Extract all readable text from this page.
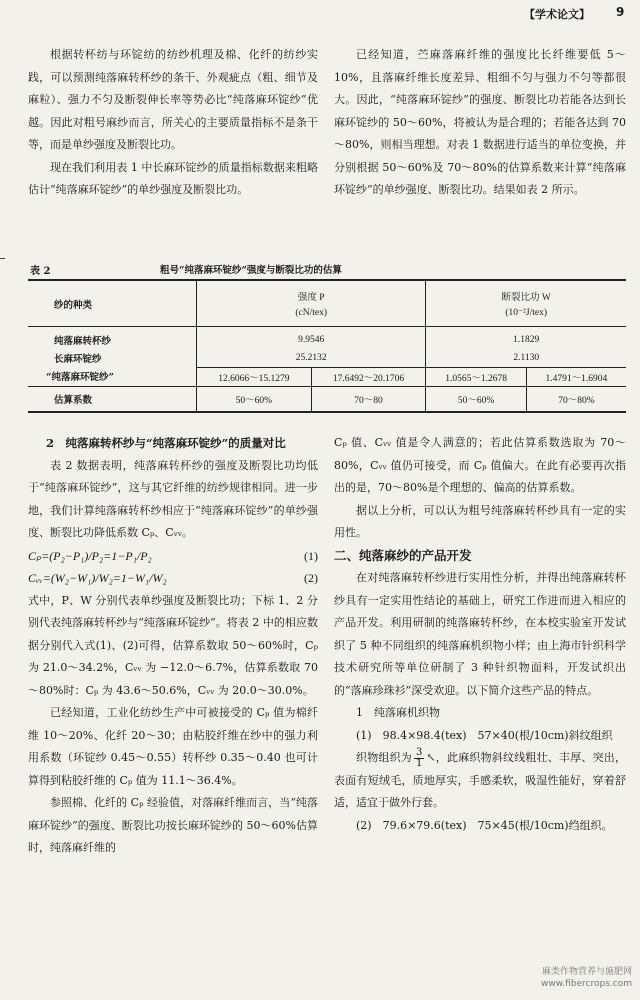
【学术论文】 9

根据转杯纺与环锭纺的纺纱机理及棉、化纤的纺纱实践，可以预测纯落麻转杯纱的条干、外观疵点（粗、细节及麻粒）、强力不匀及断裂伸长率等势必比“纯落麻环锭纱”优越。因此对粗号麻纱而言，所关心的主要质量指标不是条干等，而是单纱强度及断裂比功。

现在我们利用表 1 中长麻环锭纱的质量指标数据来粗略估计“纯落麻环锭纱”的单纱强度及断裂比功。

已经知道，苎麻落麻纤维的强度比长纤维要低 5～10%，且落麻纤维长度差异、粗细不匀与强力不匀等都很大。因此，“纯落麻环锭纱”的强度、断裂比功若能各达到长麻环锭纱的 50～60%，将被认为是合理的；若能各达到 70～80%，则相当理想。对表 1 数据进行适当的单位变换，并分别根据 50～60%及 70～80%的估算系数来计算“纯落麻环锭纱”的单纱强度、断裂比功。结果如表 2 所示。

表 2	粗号“纯落麻环锭纱”强度与断裂比功的估算
纱的种类	强度 P		断裂比功 W	
	(cN/tex)		(10⁻²J/tex)	
纯落麻转杯纱	9.9546		1.1829	
长麻环锭纱	25.2132		2.1130	
“纯落麻环锭纱”	12.6066～15.1279	17.6492～20.1706	1.0565～1.2678	1.4791～1.6904
估算系数	50～60%	70～80	50～60%	70～80%
2　纯落麻转杯纱与“纯落麻环锭纱”的质量对比

表 2 数据表明，纯落麻转杯纱的强度及断裂比功均低于“纯落麻环锭纱”，这与其它纤维的纺纱规律相同。进一步地，我们计算纯落麻转杯纱相应于“纯落麻环锭纱”的单纱强度、断裂比功降低系数 Cₚ、Cᵥᵥ。

Cₚ=(P₂−P₁)/P₂=1−P₁/P₂	(1)
Cᵥᵥ=(W₂−W₁)/W₂=1−W₁/W₂	(2)

式中，P、W 分别代表单纱强度及断裂比功；下标 1、2 分别代表纯落麻转杯纱与“纯落麻环锭纱”。将表 2 中的相应数据分别代入式(1)、(2)可得，估算系数取 50～60%时，Cₚ 为 21.0～34.2%，Cᵥᵥ 为 −12.0～6.7%，估算系数取 70～80%时：Cₚ 为 43.6～50.6%，Cᵥᵥ 为 20.0～30.0%。

已经知道，工业化纺纱生产中可被接受的 Cₚ 值为棉纤维 10～20%、化纤 20～30；由粘胶纤维在纱中的强力利用系数（环锭纱 0.45～0.55）转杯纱 0.35～0.40 也可计算得到粘胶纤维的 Cₚ 值为 11.1～36.4%。

参照棉、化纤的 Cₚ 经验值，对落麻纤维而言，当“纯落麻环锭纱”的强度、断裂比功按长麻环锭纱的 50～60%估算时，纯落麻纤维的

Cₚ 值、Cᵥᵥ 值是令人满意的；若此估算系数选取为 70～80%，Cᵥᵥ 值仍可接受，而 Cₚ 值偏大。在此有必要再次指出的是，70～80%是个理想的、偏高的估算系数。

据以上分析，可以认为粗号纯落麻转杯纱具有一定的实用性。

二、纯落麻纱的产品开发

在对纯落麻转杯纱进行实用性分析，并得出纯落麻转杯纱具有一定实用性结论的基础上，研究工作进而进入相应的产品开发。利用研制的纯落麻转杯纱，在本校实验室开发试织了 5 种不同组织的纯落麻机织物小样；由上海市针织科学技术研究所等单位研制了 3 种针织物面料，开发试织出的“落麻珍珠衫”深受欢迎。以下简介这些产品的特点。

1　纯落麻机织物

(1)　98.4×98.4(tex)　57×40(根/10cm)斜纹组织

织物组织为 $\frac{3}{1}$ ↖，此麻织物斜纹线粗壮、丰厚、突出，表面有短绒毛，质地厚实，手感柔软，吸湿性能好，穿着舒适，适宜于做外行套。

(2)　79.6×79.6(tex)　75×45(根/10cm)绉组织。

麻类作物营养与施肥网
www.fibercrops.com
